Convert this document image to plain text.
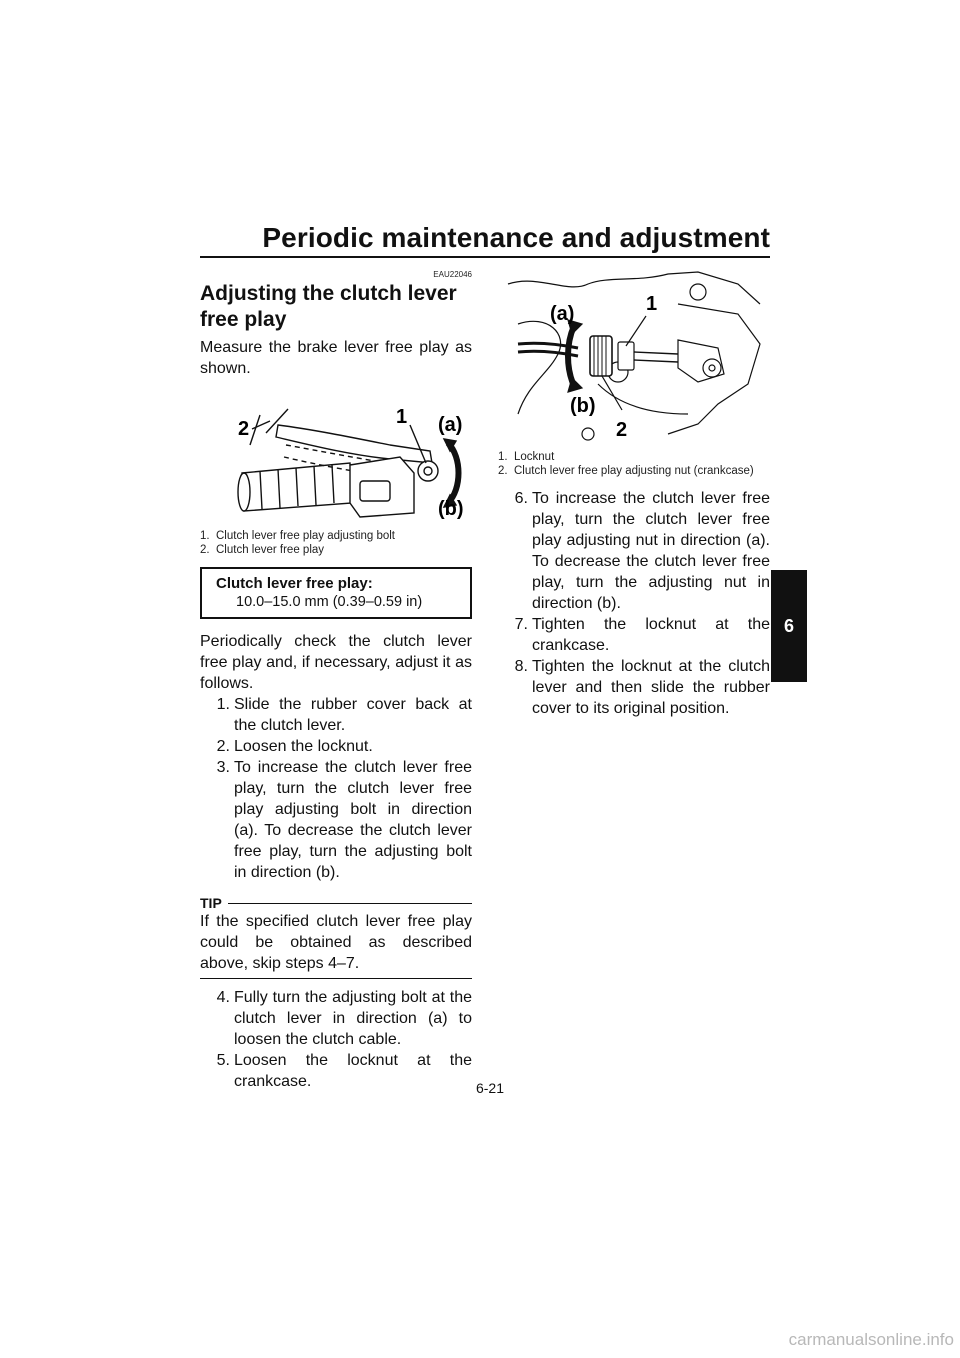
Periodic maintenance and adjustment
6
EAU22046
Adjusting the clutch lever free play

Measure the brake lever free play as shown.

1 (a)
2
(b)
1. Clutch lever free play adjusting bolt
2. Clutch lever free play
Clutch lever free play:
10.0–15.0 mm (0.39–0.59 in)

Periodically check the clutch lever free play and, if necessary, adjust it as follows.

1. Slide the rubber cover back at the clutch lever.
2. Loosen the locknut.
3. To increase the clutch lever free play, turn the clutch lever free play adjusting bolt in direction (a). To decrease the clutch lever free play, turn the adjusting bolt in direction (b).
TIP
If the specified clutch lever free play could be obtained as described above, skip steps 4–7.
4. Fully turn the adjusting bolt at the clutch lever in direction (a) to loosen the clutch cable.
5. Loosen the locknut at the crankcase.
1
(a)
(b)
2
1. Locknut
2. Clutch lever free play adjusting nut (crankcase)
6. To increase the clutch lever free play, turn the clutch lever free play adjusting nut in direction (a). To decrease the clutch lever free play, turn the adjusting nut in direction (b).
7. Tighten the locknut at the crankcase.
8. Tighten the locknut at the clutch lever and then slide the rubber cover to its original position.
6-21
carmanualsonline.info
